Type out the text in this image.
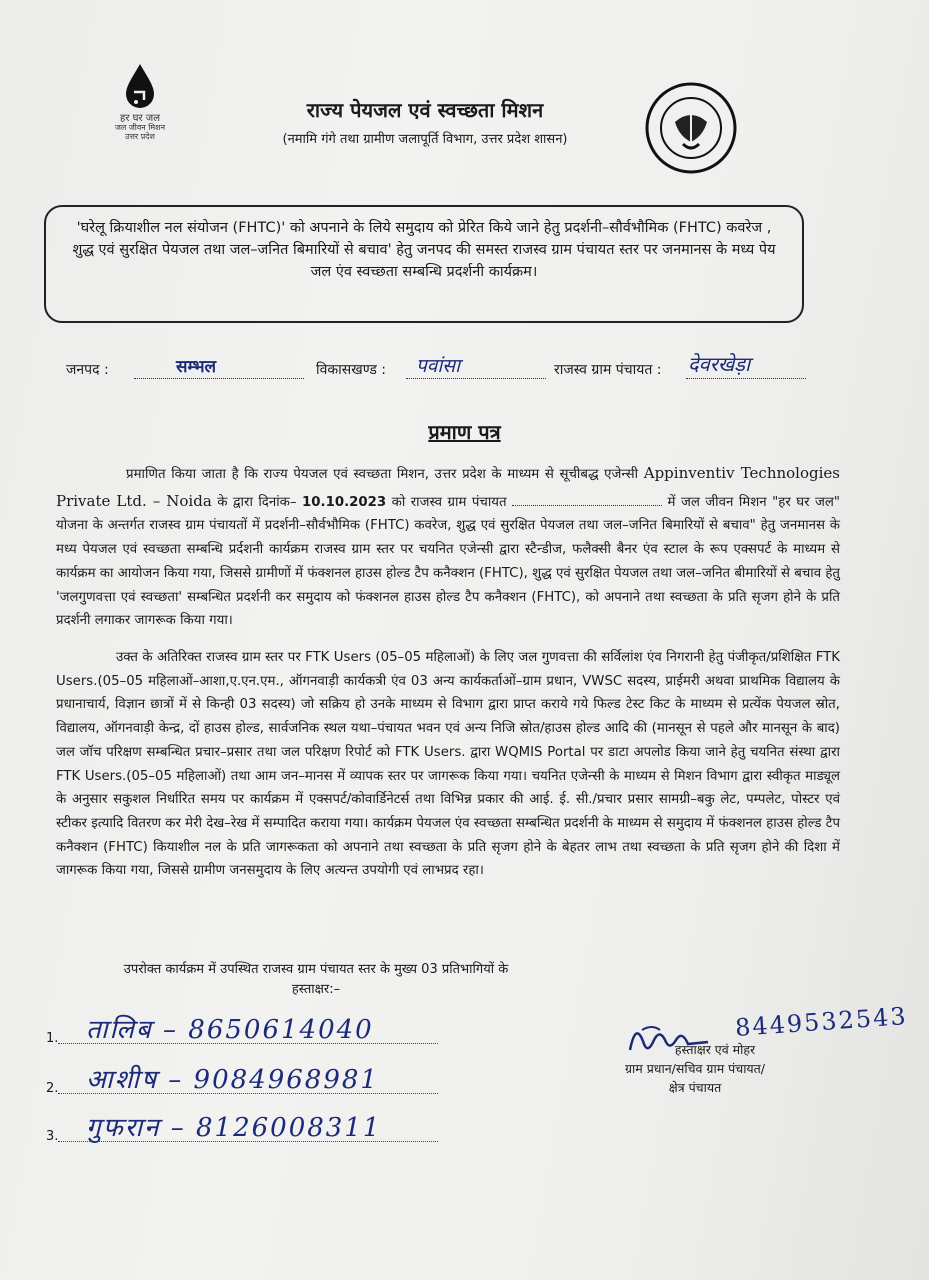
हर घर जल
जल जीवन मिशन
उत्तर प्रदेश
राज्य पेयजल एवं स्वच्छता मिशन
(नमामि गंगे तथा ग्रामीण जलापूर्ति विभाग, उत्तर प्रदेश शासन)
'घरेलू क्रियाशील नल संयोजन (FHTC)' को अपनाने के लिये समुदाय को प्रेरित किये जाने हेतु प्रदर्शनी–सौर्वभौमिक (FHTC) कवरेज , शुद्ध एवं सुरक्षित पेयजल तथा जल–जनित बिमारियों से बचाव' हेतु जनपद की समस्त राजस्व ग्राम पंचायत स्तर पर जनमानस के मध्य पेय जल एंव स्वच्छता सम्बन्धि प्रदर्शनी कार्यक्रम।
जनपद :	सम्भल	विकासखण्ड : पवांसा	राजस्व ग्राम पंचायत : देवरखेड़ा
प्रमाण पत्र
प्रमाणित किया जाता है कि राज्य पेयजल एवं स्वच्छता मिशन, उत्तर प्रदेश के माध्यम से सूचीबद्ध एजेन्सी Appinventiv Technologies Private Ltd. – Noida के द्वारा दिनांक– 10.10.2023 को राजस्व ग्राम पंचायत	में जल जीवन मिशन "हर घर जल" योजना के अन्तर्गत राजस्व ग्राम पंचायतों में प्रदर्शनी–सौर्वभौमिक (FHTC) कवरेज, शुद्ध एवं सुरक्षित पेयजल तथा जल–जनित बिमारियों से बचाव" हेतु जनमानस के मध्य पेयजल एवं स्वच्छता सम्बन्धि प्रर्दशनी कार्यक्रम राजस्व ग्राम स्तर पर चयनित एजेन्सी द्वारा स्टैन्डीज, फलैक्सी बैनर एंव स्टाल के रूप एक्सपर्ट के माध्यम से कार्यक्रम का आयोजन किया गया, जिससे ग्रामीणों में फंक्शनल हाउस होल्ड टैप कनैक्शन (FHTC), शुद्ध एवं सुरक्षित पेयजल तथा जल–जनित बीमारियों से बचाव हेतु 'जलगुणवत्ता एवं स्वच्छता' सम्बन्धित प्रदर्शनी कर समुदाय को फंक्शनल हाउस होल्ड टैप कनैक्शन (FHTC), को अपनाने तथा स्वच्छता के प्रति सृजग होने के प्रति प्रदर्शनी लगाकर जागरूक किया गया।
उक्त के अतिरिक्त राजस्व ग्राम स्तर पर FTK Users (05–05 महिलाओं) के लिए जल गुणवत्ता की सर्विलांश एंव निगरानी हेतु पंजीकृत/प्रशिक्षित FTK Users.(05–05 महिलाओं–आशा,ए.एन.एम., ऑगनवाड़ी कार्यकत्री एंव 03 अन्य कार्यकर्ताओं–ग्राम प्रधान, VWSC सदस्य, प्राईमरी अथवा प्राथमिक विद्यालय के प्रधानाचार्य, विज्ञान छात्रों में से किन्ही 03 सदस्य) जो सक्रिय हो उनके माध्यम से विभाग द्वारा प्राप्त कराये गये फिल्ड टेस्ट किट के माध्यम से प्रत्येंक पेयजल स्रोत, विद्यालय, ऑगनवाड़ी केन्द्र, दों हाउस होल्ड, सार्वजनिक स्थल यथा–पंचायत भवन एवं अन्य निजि स्रोत/हाउस होल्ड आदि की (मानसून से पहले और मानसून के बाद) जल जॉच परिक्षण सम्बन्धित प्रचार–प्रसार तथा जल परिक्षण रिपोर्ट को FTK Users. द्वारा WQMIS Portal पर डाटा अपलोड किया जाने हेतु चयनित संस्था द्वारा FTK Users.(05–05 महिलाओं) तथा आम जन–मानस में व्यापक स्तर पर जागरूक किया गया। चयनित एजेन्सी के माध्यम से मिशन विभाग द्वारा स्वीकृत माड्यूल के अनुसार सकुशल निर्धारित समय पर कार्यक्रम में एक्सपर्ट/कोवार्डिनेटर्स तथा विभिन्न प्रकार की आई. ई. सी./प्रचार प्रसार सामग्री–बकु लेट, पम्पलेट, पोस्टर एवं स्टीकर इत्यादि वितरण कर मेरी देख–रेख में सम्पादित कराया गया। कार्यक्रम पेयजल एंव स्वच्छता सम्बन्धित प्रदर्शनी के माध्यम से समुदाय में फंक्शनल हाउस होल्ड टैप कनैक्शन (FHTC) कियाशील नल के प्रति जागरूकता को अपनाने तथा स्वच्छता के प्रति सृजग होने के बेहतर लाभ तथा स्वच्छता के प्रति सृजग होने की दिशा में जागरूक किया गया, जिससे ग्रामीण जनसमुदाय के लिए अत्यन्त उपयोगी एवं लाभप्रद रहा।
उपरोक्त कार्यक्रम में उपस्थित राजस्व ग्राम पंचायत स्तर के मुख्य 03 प्रतिभागियों के
हस्ताक्षर:–
1. तालिब – 8650614040
2. आशीष – 9084968981
3. गुफरान – 8126008311
8449532543
हस्ताक्षर एवं मोहर
ग्राम प्रधान/सचिव ग्राम पंचायत/
क्षेत्र पंचायत
